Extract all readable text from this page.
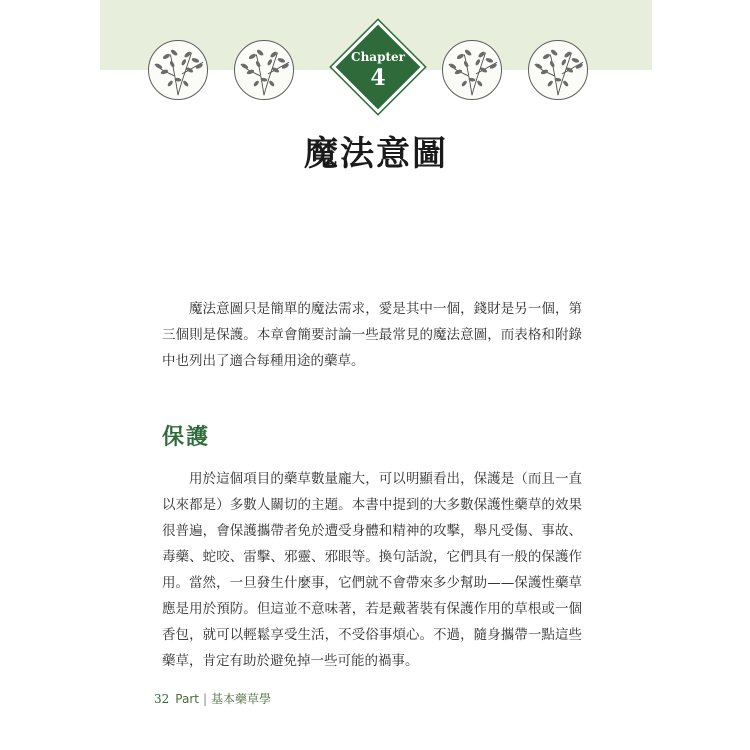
Chapter
4
魔法意圖

魔法意圖只是簡單的魔法需求，愛是其中一個，錢財是另一個，第三個則是保護。本章會簡要討論一些最常見的魔法意圖，而表格和附錄中也列出了適合每種用途的藥草。

保護

用於這個項目的藥草數量龐大，可以明顯看出，保護是（而且一直以來都是）多數人關切的主題。本書中提到的大多數保護性藥草的效果很普遍，會保護攜帶者免於遭受身體和精神的攻擊，舉凡受傷、事故、毒藥、蛇咬、雷擊、邪靈、邪眼等。換句話說，它們具有一般的保護作用。 當然，一旦發生什麼事，它們就不會帶來多少幫助——保護性藥草應是用於預防。但這並不意味著，若是戴著裝有保護作用的草根或一個香包，就可以輕鬆享受生活，不受俗事煩心。不過，隨身攜帶一點這些藥草，肯定有助於避免掉一些可能的禍事。

32 Part | 基本藥草學
